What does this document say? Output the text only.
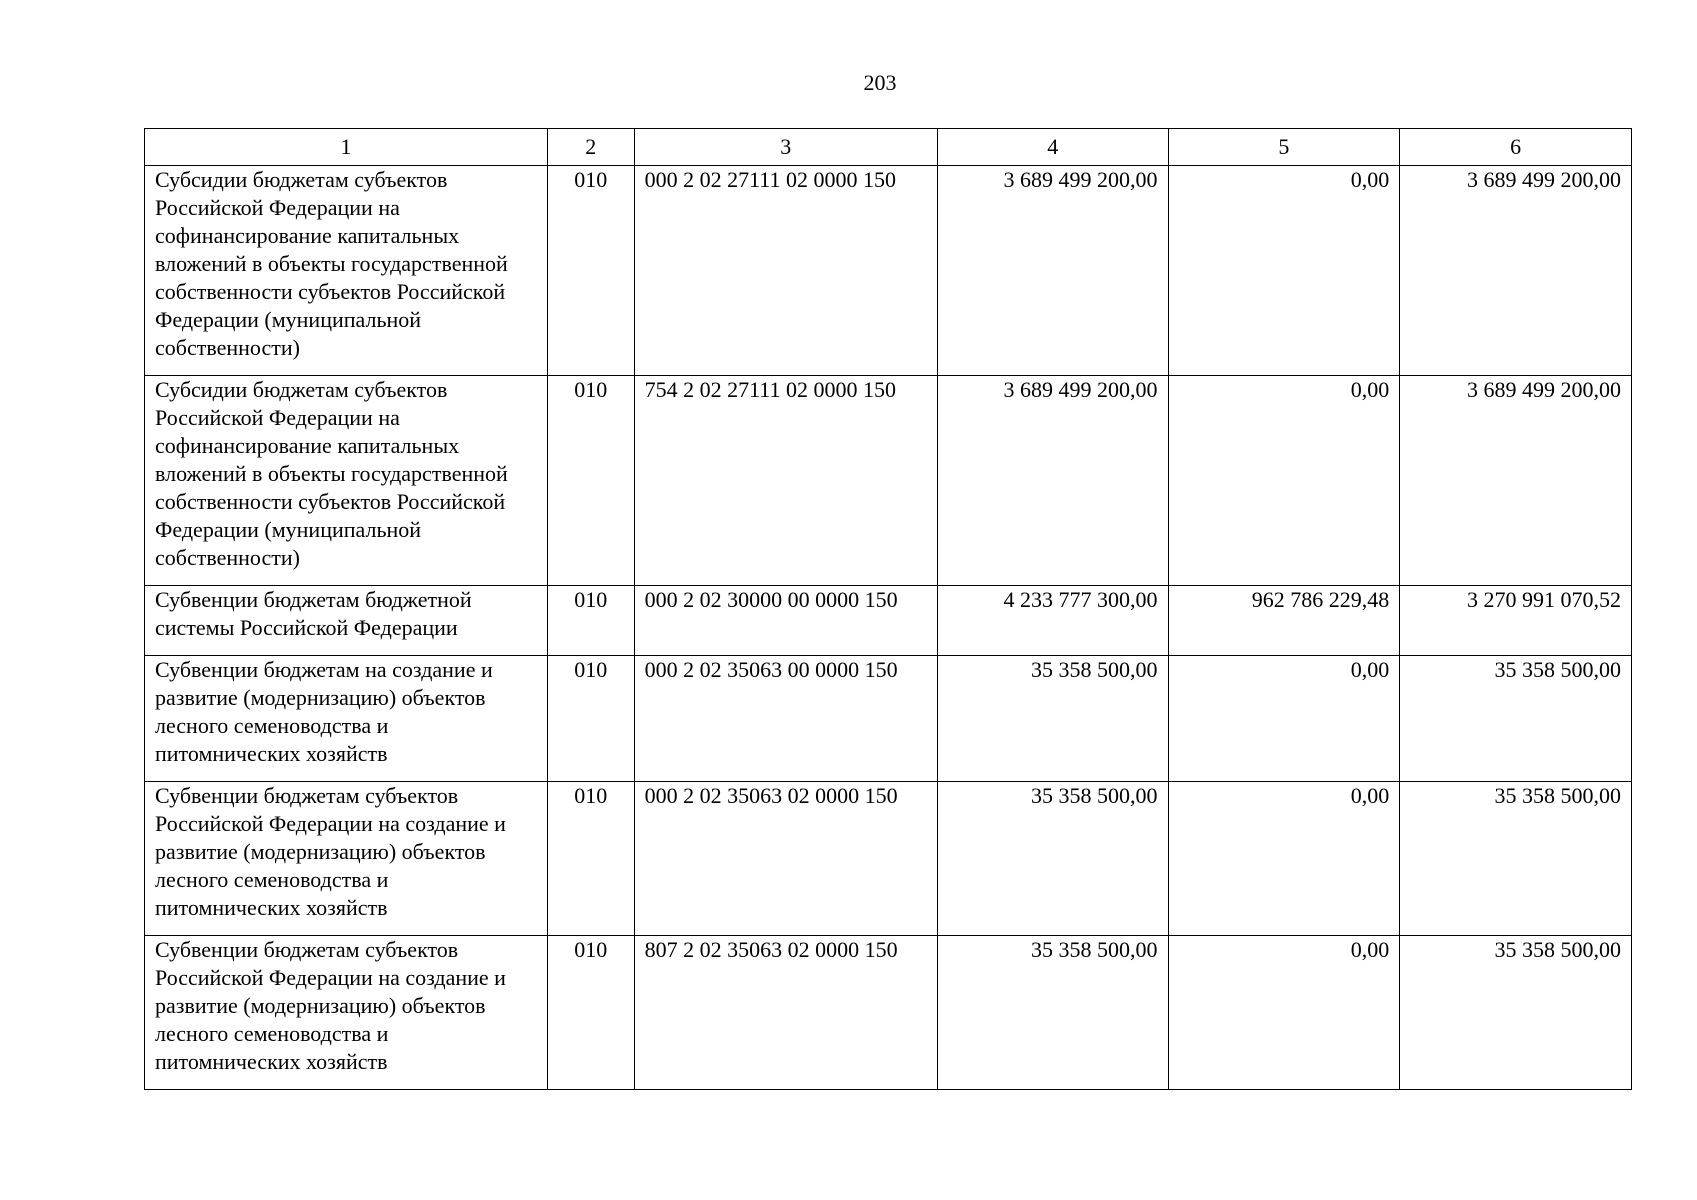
203
1	2	3	4	5	6
Субсидии бюджетам субъектов Российской Федерации на софинансирование капитальных вложений в объекты государственной собственности субъектов Российской Федерации (муниципальной собственности)	010	000 2 02 27111 02 0000 150	3 689 499 200,00	0,00	3 689 499 200,00
Субсидии бюджетам субъектов Российской Федерации на софинансирование капитальных вложений в объекты государственной собственности субъектов Российской Федерации (муниципальной собственности)	010	754 2 02 27111 02 0000 150	3 689 499 200,00	0,00	3 689 499 200,00
Субвенции бюджетам бюджетной системы Российской Федерации	010	000 2 02 30000 00 0000 150	4 233 777 300,00	962 786 229,48	3 270 991 070,52
Субвенции бюджетам на создание и развитие (модернизацию) объектов лесного семеноводства и питомнических хозяйств	010	000 2 02 35063 00 0000 150	35 358 500,00	0,00	35 358 500,00
Субвенции бюджетам субъектов Российской Федерации на создание и развитие (модернизацию) объектов лесного семеноводства и питомнических хозяйств	010	000 2 02 35063 02 0000 150	35 358 500,00	0,00	35 358 500,00
Субвенции бюджетам субъектов Российской Федерации на создание и развитие (модернизацию) объектов лесного семеноводства и питомнических хозяйств	010	807 2 02 35063 02 0000 150	35 358 500,00	0,00	35 358 500,00
